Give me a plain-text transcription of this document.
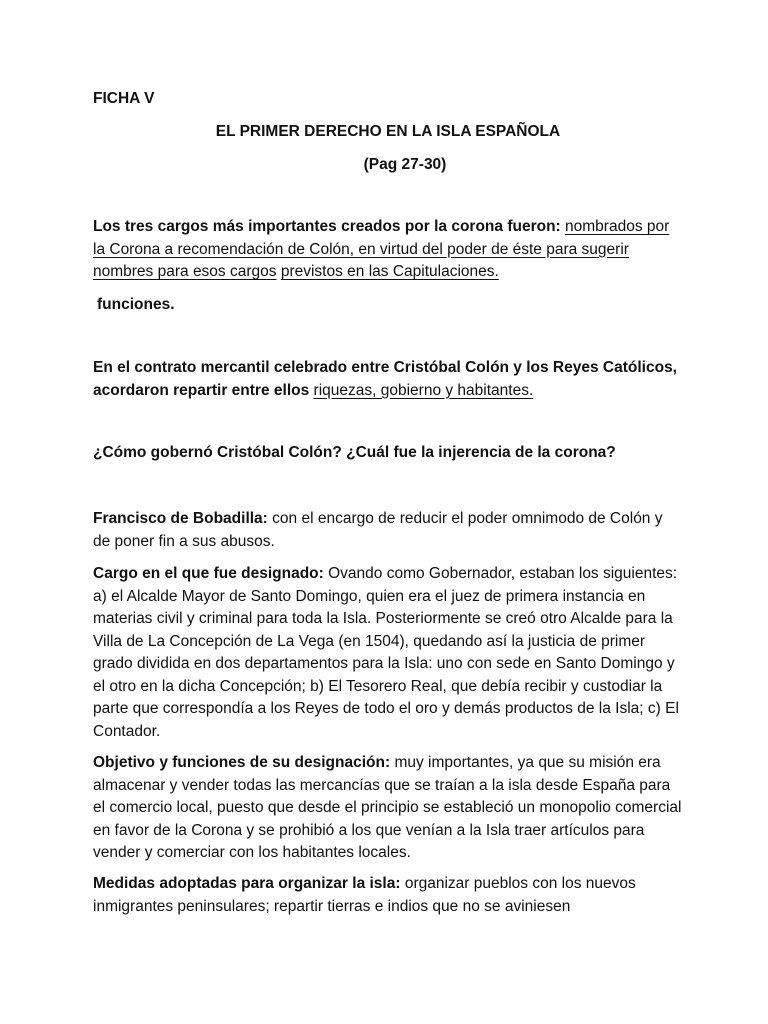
FICHA V

EL PRIMER DERECHO EN LA ISLA ESPAÑOLA

(Pag 27-30)

Los tres cargos más importantes creados por la corona fueron: nombrados por la Corona a recomendación de Colón, en virtud del poder de éste para sugerir nombres para esos cargos previstos en las Capitulaciones.

funciones.

En el contrato mercantil celebrado entre Cristóbal Colón y los Reyes Católicos, acordaron repartir entre ellos riquezas, gobierno y habitantes.

¿Cómo gobernó Cristóbal Colón? ¿Cuál fue la injerencia de la corona?

Francisco de Bobadilla: con el encargo de reducir el poder omnimodo de Colón y de poner fin a sus abusos.

Cargo en el que fue designado: Ovando como Gobernador, estaban los siguientes: a) el Alcalde Mayor de Santo Domingo, quien era el juez de primera instancia en materias civil y criminal para toda la Isla. Posteriormente se creó otro Alcalde para la Villa de La Concepción de La Vega (en 1504), quedando así la justicia de primer grado dividida en dos departamentos para la Isla: uno con sede en Santo Domingo y el otro en la dicha Concepción; b) El Tesorero Real, que debía recibir y custodiar la parte que correspondía a los Reyes de todo el oro y demás productos de la Isla; c) El Contador.

Objetivo y funciones de su designación: muy importantes, ya que su misión era almacenar y vender todas las mercancías que se traían a la isla desde España para el comercio local, puesto que desde el principio se estableció un monopolio comercial en favor de la Corona y se prohibió a los que venían a la Isla traer artículos para vender y comerciar con los habitantes locales.

Medidas adoptadas para organizar la isla: organizar pueblos con los nuevos inmigrantes peninsulares; repartir tierras e indios que no se aviniesen
